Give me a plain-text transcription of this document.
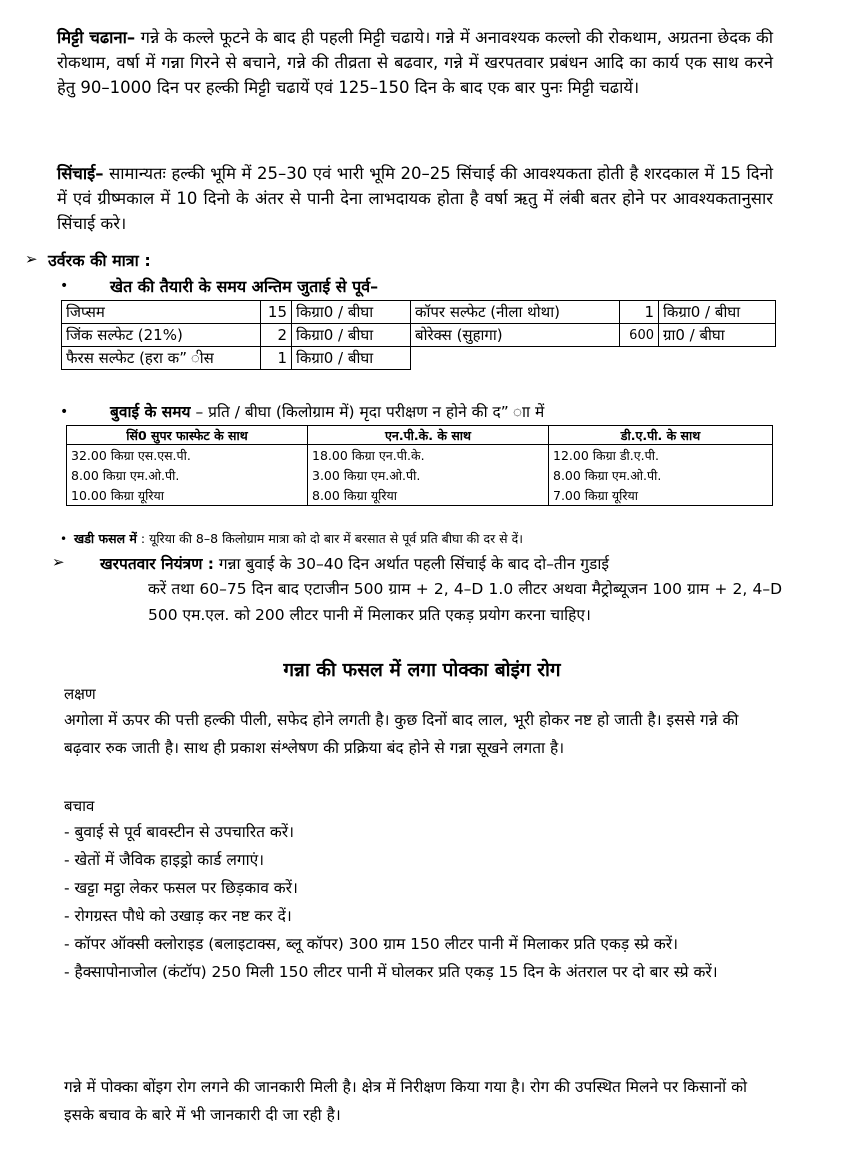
मिट्टी चढाना– गन्ने के कल्ले फूटने के बाद ही पहली मिट्टी चढाये। गन्ने में अनावश्यक कल्लो की रोकथाम, अग्रतना छेदक की रोकथाम, वर्षा में गन्ना गिरने से बचाने, गन्ने की तीव्रता से बढवार, गन्ने में खरपतवार प्रबंधन आदि का कार्य एक साथ करने हेतु 90–1000 दिन पर हल्की मिट्टी चढायें एवं 125–150 दिन के बाद एक बार पुनः मिट्टी चढायें।
सिंचाई– सामान्यतः हल्की भूमि में 25–30 एवं भारी भूमि 20–25 सिंचाई की आवश्यकता होती है शरदकाल में 15 दिनो में एवं ग्रीष्मकाल में 10 दिनो के अंतर से पानी देना लाभदायक होता है वर्षा ऋतु में लंबी बतर होने पर आवश्यकतानुसार सिंचाई करे।
➢ उर्वरक की मात्रा :
•	खेत की तैयारी के समय अन्तिम जुताई से पूर्व–
जिप्सम	15	किग्रा0 / बीघा	कॉपर सल्फेट (नीला थोथा)	1	किग्रा0 / बीघा
जिंक सल्फेट (21%)	2	किग्रा0 / बीघा	बोरेक्स (सुहागा)	600	ग्रा0 / बीघा
फैरस सल्फेट (हरा क” ीस	1	किग्रा0 / बीघा			
•	बुवाई के समय – प्रति / बीघा (किलोग्राम में) मृदा परीक्षण न होने की द” ाा में
सिं0 सुपर फास्फेट के साथ	एन.पी.के. के साथ	डी.ए.पी. के साथ
32.00 किग्रा एस.एस.पी.	18.00 किग्रा एन.पी.के.	12.00 किग्रा डी.ए.पी.
8.00 किग्रा एम.ओ.पी.	3.00 किग्रा एम.ओ.पी.	8.00 किग्रा एम.ओ.पी.
10.00 किग्रा यूरिया	8.00 किग्रा यूरिया	7.00 किग्रा यूरिया
• खडी फसल में : यूरिया की 8–8 किलोग्राम मात्रा को दो बार में बरसात से पूर्व प्रति बीघा की दर से दें।
➢ खरपतवार नियंत्रण : गन्ना बुवाई के 30–40 दिन अर्थात पहली सिंचाई के बाद दो–तीन गुडाई
करें तथा 60–75 दिन बाद एटाजीन 500 ग्राम + 2, 4–D 1.0 लीटर अथवा मैट्रोब्यूजन 100 ग्राम + 2, 4–D 500 एम.एल. को 200 लीटर पानी में मिलाकर प्रति एकड़ प्रयोग करना चाहिए।
गन्ना की फसल में लगा पोक्का बोइंग रोग
लक्षण
अगोला में ऊपर की पत्ती हल्की पीली, सफेद होने लगती है। कुछ दिनों बाद लाल, भूरी होकर नष्ट हो जाती है। इससे गन्ने की बढ़वार रुक जाती है। साथ ही प्रकाश संश्लेषण की प्रक्रिया बंद होने से गन्ना सूखने लगता है।
बचाव
- बुवाई से पूर्व बावस्टीन से उपचारित करें।
- खेतों में जैविक हाइड्रो कार्ड लगाएं।
- खट्टा मट्ठा लेकर फसल पर छिड़काव करें।
- रोगग्रस्त पौधे को उखाड़ कर नष्ट कर दें।
- कॉपर ऑक्सी क्लोराइड (बलाइटाक्स, ब्लू कॉपर) 300 ग्राम 150 लीटर पानी में मिलाकर प्रति एकड़ स्प्रे करें।
- हैक्सापोनाजोल (कंटॉप) 250 मिली 150 लीटर पानी में घोलकर प्रति एकड़ 15 दिन के अंतराल पर दो बार स्प्रे करें।
गन्ने में पोक्का बोंइग रोग लगने की जानकारी मिली है। क्षेत्र में निरीक्षण किया गया है। रोग की उपस्थित मिलने पर किसानों को इसके बचाव के बारे में भी जानकारी दी जा रही है।
